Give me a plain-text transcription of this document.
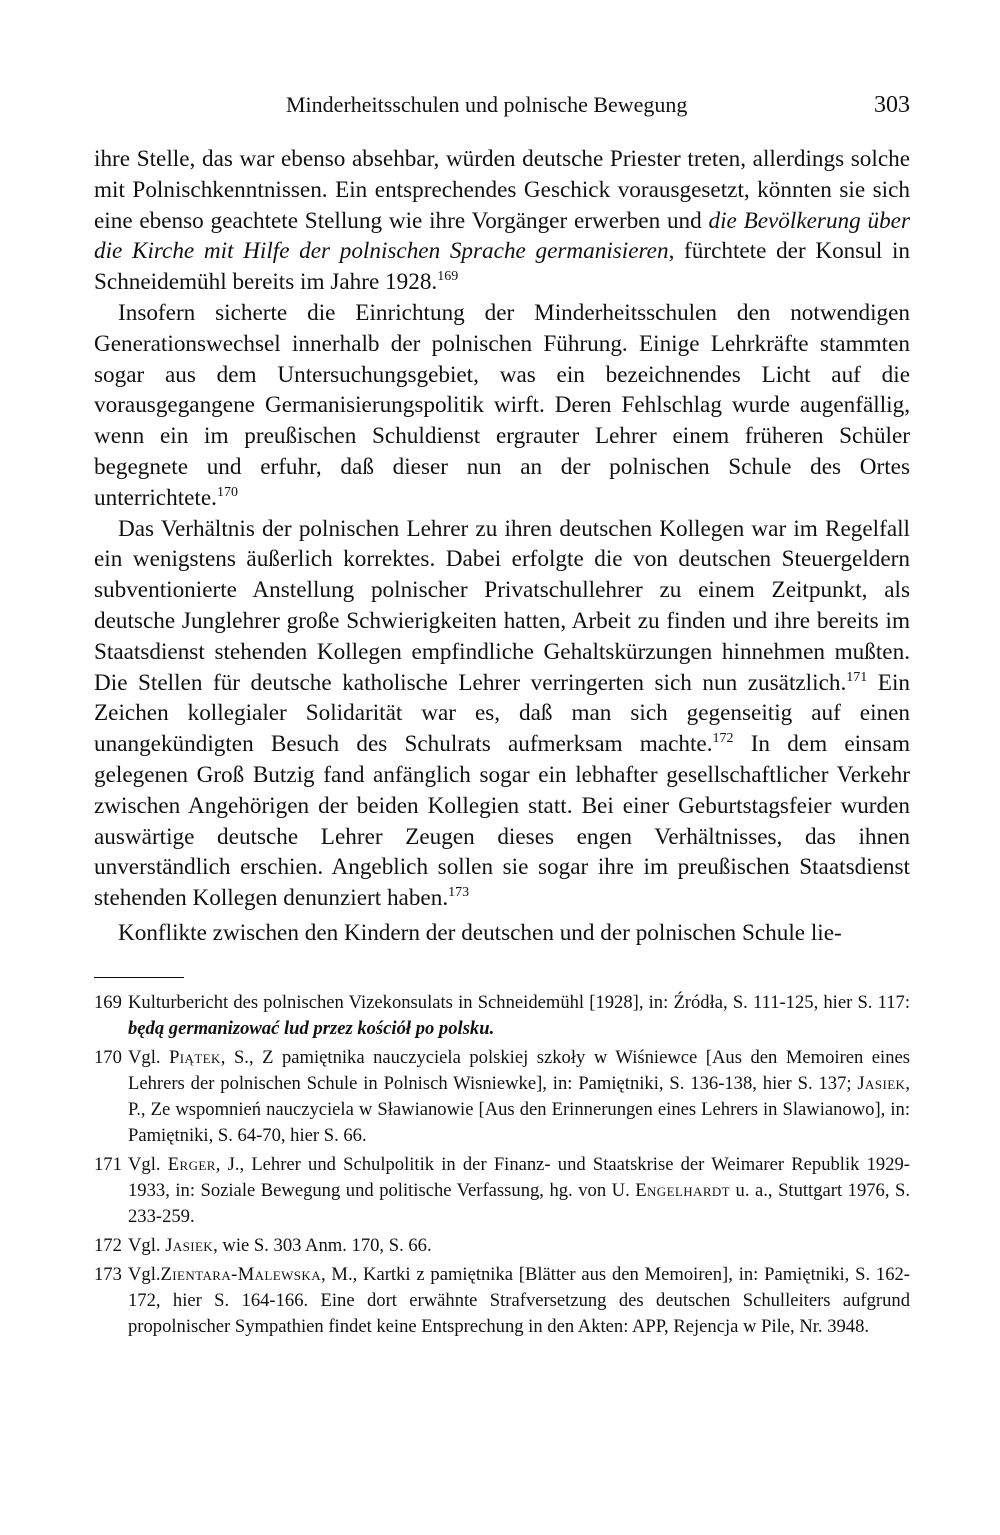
Minderheitsschulen und polnische Bewegung	303

ihre Stelle, das war ebenso absehbar, würden deutsche Priester treten, allerdings solche mit Polnischkenntnissen. Ein entsprechendes Geschick vorausgesetzt, könnten sie sich eine ebenso geachtete Stellung wie ihre Vorgänger erwerben und die Bevölkerung über die Kirche mit Hilfe der polnischen Sprache germanisieren, fürchtete der Konsul in Schneidemühl bereits im Jahre 1928.$^{169}$

Insofern sicherte die Einrichtung der Minderheitsschulen den notwendigen Generationswechsel innerhalb der polnischen Führung. Einige Lehrkräfte stammten sogar aus dem Untersuchungsgebiet, was ein bezeichnendes Licht auf die vorausgegangene Germanisierungspolitik wirft. Deren Fehlschlag wurde augenfällig, wenn ein im preußischen Schuldienst ergrauter Lehrer einem früheren Schüler begegnete und erfuhr, daß dieser nun an der polnischen Schule des Ortes unterrichtete.$^{170}$

Das Verhältnis der polnischen Lehrer zu ihren deutschen Kollegen war im Regelfall ein wenigstens äußerlich korrektes. Dabei erfolgte die von deutschen Steuergeldern subventionierte Anstellung polnischer Privatschullehrer zu einem Zeitpunkt, als deutsche Junglehrer große Schwierigkeiten hatten, Arbeit zu finden und ihre bereits im Staatsdienst stehenden Kollegen empfindliche Gehaltskürzungen hinnehmen mußten. Die Stellen für deutsche katholische Lehrer verringerten sich nun zusätzlich.$^{171}$ Ein Zeichen kollegialer Solidarität war es, daß man sich gegenseitig auf einen unangekündigten Besuch des Schulrats aufmerksam machte.$^{172}$ In dem einsam gelegenen Groß Butzig fand anfänglich sogar ein lebhafter gesellschaftlicher Verkehr zwischen Angehörigen der beiden Kollegien statt. Bei einer Geburtstagsfeier wurden auswärtige deutsche Lehrer Zeugen dieses engen Verhältnisses, das ihnen unverständlich erschien. Angeblich sollen sie sogar ihre im preußischen Staatsdienst stehenden Kollegen denunziert haben.$^{173}$

Konflikte zwischen den Kindern der deutschen und der polnischen Schule lie-

169 Kulturbericht des polnischen Vizekonsulats in Schneidemühl [1928], in: Źródła, S. 111-125, hier S. 117: będą germanizować lud przez kościół po polsku.
170 Vgl. Piątek, S., Z pamiętnika nauczyciela polskiej szkoły w Wiśniewce [Aus den Memoiren eines Lehrers der polnischen Schule in Polnisch Wisniewke], in: Pamiętniki, S. 136-138, hier S. 137; Jasiek, P., Ze wspomnień nauczyciela w Sławianowie [Aus den Erinnerungen eines Lehrers in Slawianowo], in: Pamiętniki, S. 64-70, hier S. 66.
171 Vgl. Erger, J., Lehrer und Schulpolitik in der Finanz- und Staatskrise der Weimarer Republik 1929-1933, in: Soziale Bewegung und politische Verfassung, hg. von U. Engelhardt u. a., Stuttgart 1976, S. 233-259.
172 Vgl. Jasiek, wie S. 303 Anm. 170, S. 66.
173 Vgl.Zientara-Malewska, M., Kartki z pamiętnika [Blätter aus den Memoiren], in: Pamiętniki, S. 162-172, hier S. 164-166. Eine dort erwähnte Strafversetzung des deutschen Schulleiters aufgrund propolnischer Sympathien findet keine Entsprechung in den Akten: APP, Rejencja w Pile, Nr. 3948.
